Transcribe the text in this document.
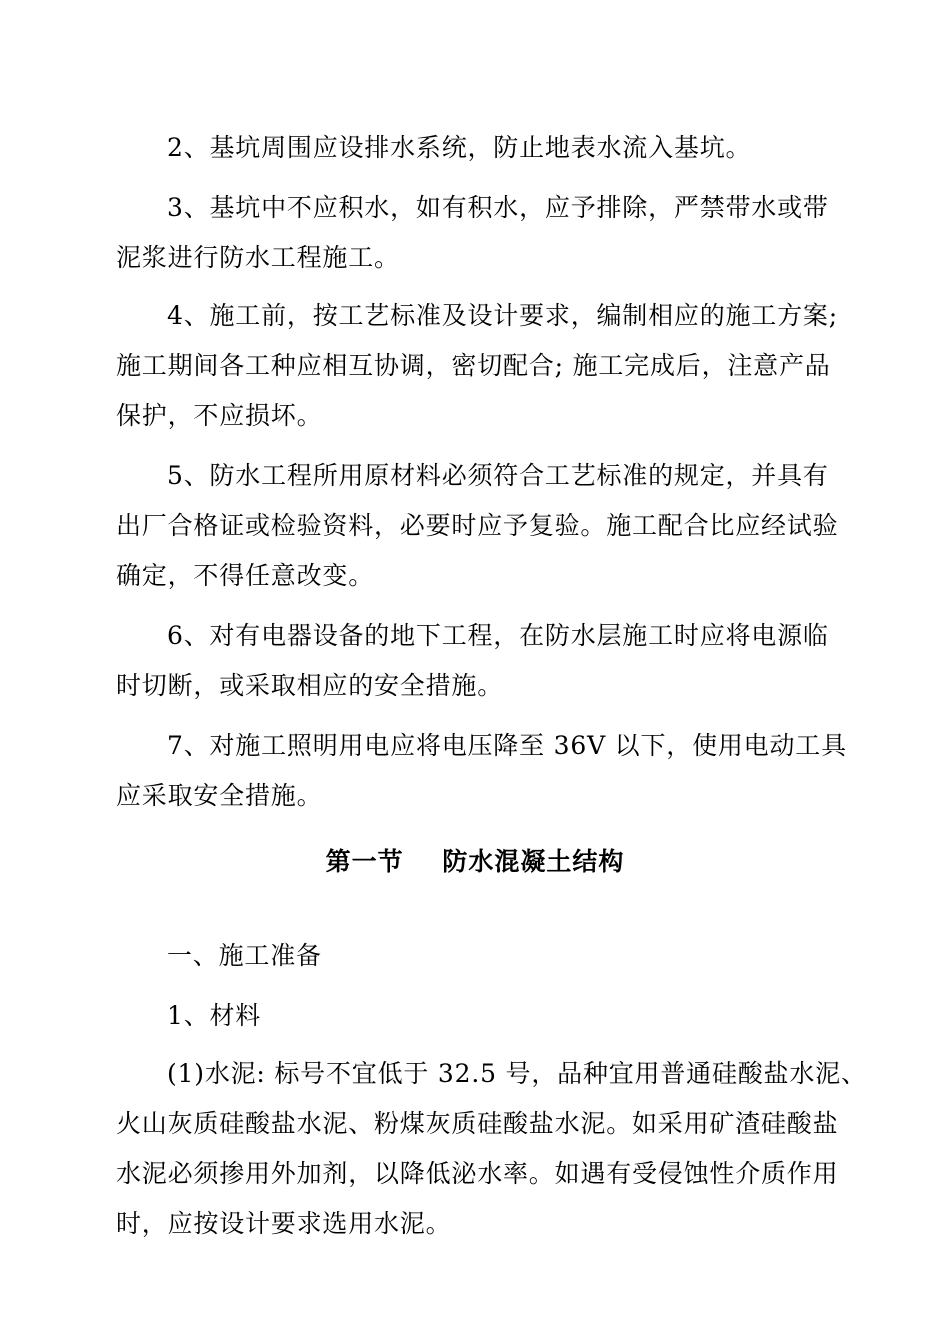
2、基坑周围应设排水系统，防止地表水流入基坑。
3、基坑中不应积水，如有积水，应予排除，严禁带水或带
泥浆进行防水工程施工。
4、施工前，按工艺标准及设计要求，编制相应的施工方案;
施工期间各工种应相互协调，密切配合; 施工完成后，注意产品
保护，不应损坏。
5、防水工程所用原材料必须符合工艺标准的规定，并具有
出厂合格证或检验资料，必要时应予复验。施工配合比应经试验
确定，不得任意改变。
6、对有电器设备的地下工程，在防水层施工时应将电源临
时切断，或采取相应的安全措施。
7、对施工照明用电应将电压降至 36V 以下，使用电动工具
应采取安全措施。
第一节    防水混凝土结构
一、施工准备
1、材料
(1)水泥: 标号不宜低于 32.5 号，品种宜用普通硅酸盐水泥、
火山灰质硅酸盐水泥、粉煤灰质硅酸盐水泥。如采用矿渣硅酸盐
水泥必须掺用外加剂，以降低泌水率。如遇有受侵蚀性介质作用
时，应按设计要求选用水泥。
